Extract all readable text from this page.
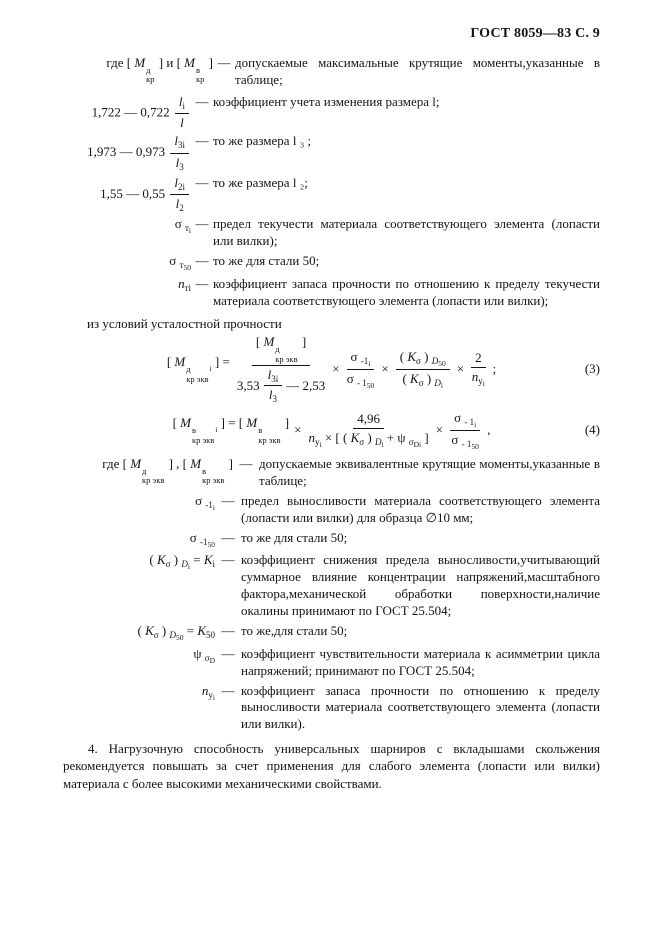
ГОСТ 8059—83 С. 9
где [ M д
кр
] и [ M в
кр
] — допускаемые максимальные крутящие моменты,указанные в таблице;
1,722 — $0,722 \frac{l_i}{l}$ — коэффициент учета изменения размера l;
1,973 — $0,973 \frac{l_{3i}}{l_3}$ — то же размера l ₃ ;
1,55 — $0,55 \frac{l_{2i}}{l_2}$ — то же размера l ₂;
σ $_{тi}$ — предел текучести материала соответствующего элемента (лопасти или вилки);
σ $_{т50}$ — то же для стали 50;
$n_{тi}$ — коэффициент запаса прочности по отношению к пределу текучести материала соответствующего элемента (лопасти или вилки);
из условий усталостной прочности
[ M д
кр экв
$_i$ ] = [ M д
кр экв
]
$3,53 \frac{l_{3i}}{l_3}$ — $2,53 \times \frac{\sigma _{-1i}}{\sigma _{- 150}} \times \frac{( K_\sigma ) _{D50}}{( K_\sigma ) _{Di}} \times \frac{2}{n_{уi}}$ ;	(3)
[ M в
кр экв
$_i$ ] = [ M в
кр экв
] × $\frac{4,96}{n_{уi} \times [ ( K_\sigma ) _{Di} + \psi _{\sigma Di} ]} \times \frac{\sigma _{- 1i}}{\sigma _{- 150}}$ ,	(4)
где [ M д
кр экв
] , [ M в
кр экв
] — допускаемые эквивалентные крутящие моменты,указанные в таблице;
σ $_{-1i}$ — предел выносливости материала соответствующего элемента (лопасти или вилки) для образца ∅10 мм;
σ $_{-150}$ — то же для стали 50;
( $K_\sigma$ ) $_{Di} = K_i$ — коэффициент снижения предела выносливости,учитывающий суммарное влияние концентрации напряжений,масштабного фактора,механической обработки поверхности,наличие окалины принимают по ГОСТ 25.504;
( $K_\sigma$ ) $_{D50} = K_{50}$ — то же,для стали 50;
ψ $_{\sigma D}$ — коэффициент чувствительности материала к асимметрии цикла напряжений; принимают по ГОСТ 25.504;
$n_{уi}$ — коэффициент запаса прочности по отношению к пределу выносливости материала соответствующего элемента (лопасти или вилки).
4. Нагрузочную способность универсальных шарниров с вкладышами скольжения рекомендуется повышать за счет применения для слабого элемента (лопасти или вилки) материала с более высокими механическими свойствами.
